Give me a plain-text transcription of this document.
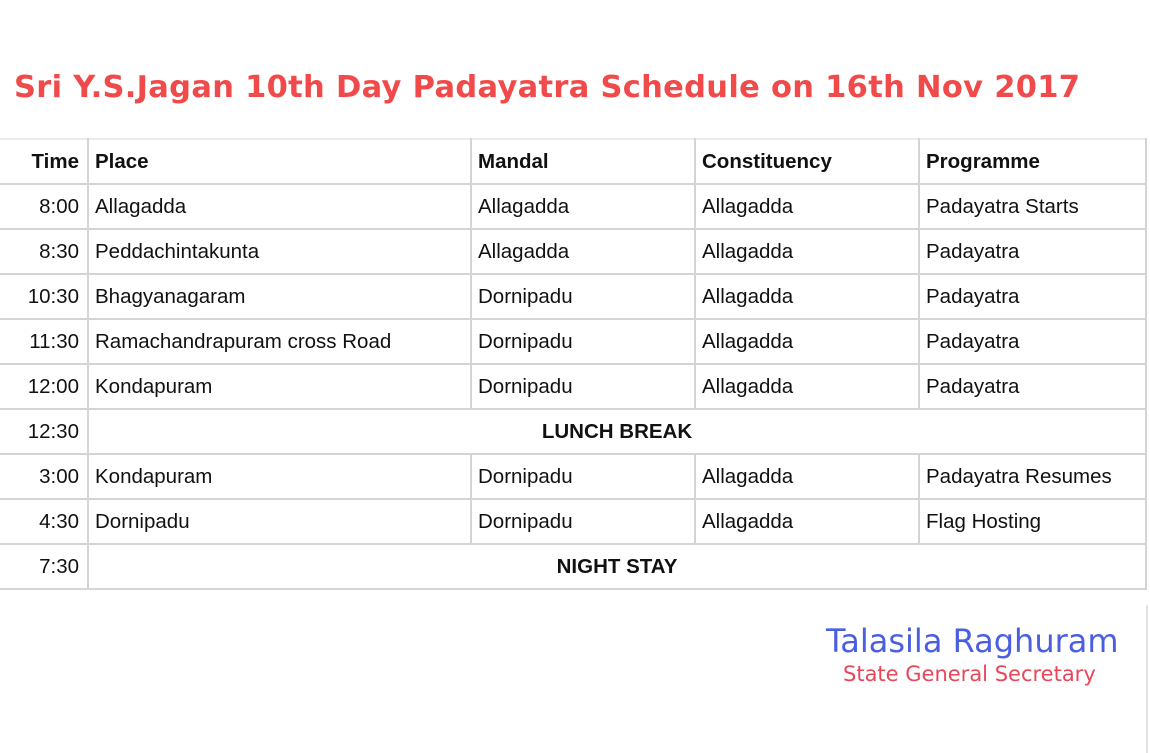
Sri Y.S.Jagan 10th Day Padayatra Schedule on 16th Nov 2017
Time	Place	Mandal	Constituency	Programme
8:00	Allagadda	Allagadda	Allagadda	Padayatra Starts
8:30	Peddachintakunta	Allagadda	Allagadda	Padayatra
10:30	Bhagyanagaram	Dornipadu	Allagadda	Padayatra
11:30	Ramachandrapuram cross Road	Dornipadu	Allagadda	Padayatra
12:00	Kondapuram	Dornipadu	Allagadda	Padayatra
12:30	LUNCH BREAK			
3:00	Kondapuram	Dornipadu	Allagadda	Padayatra Resumes
4:30	Dornipadu	Dornipadu	Allagadda	Flag Hosting
7:30	NIGHT STAY			
Talasila Raghuram
State General Secretary
